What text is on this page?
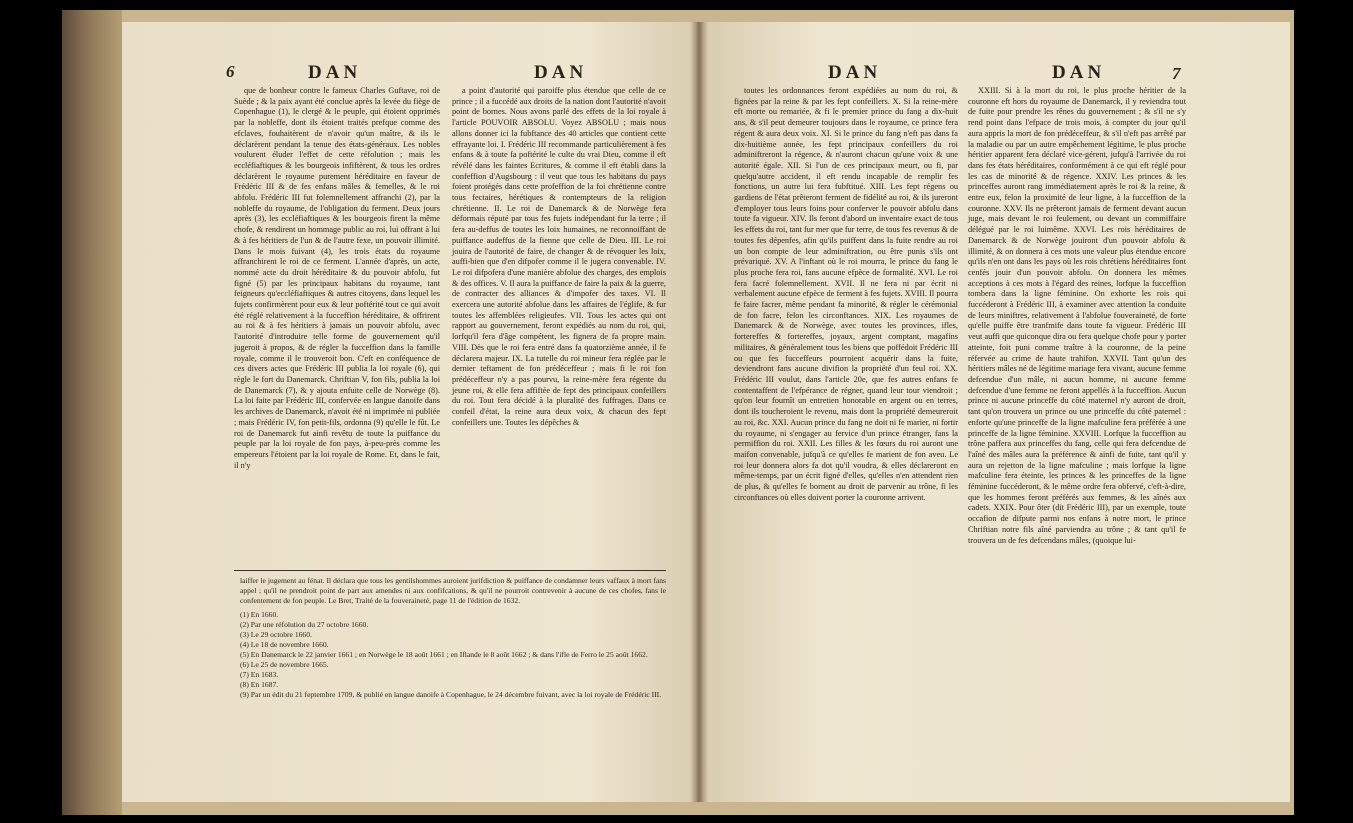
6	DAN	DAN

que de bonheur contre le fameux Charles Guftave, roi de Suède ; & la paix ayant été conclue après la levée du fiège de Copenhague (1), le clergé & le peuple, qui étoient opprimés par la nobleffe, dont ils étoient traités prefque comme des efclaves, fouhaitèrent de n'avoir qu'un maître, & ils le déclarèrent pendant la tenue des états-généraux. Les nobles voulurent éluder l'effet de cette réfolution ; mais les eccléfiaftiques & les bourgeois infiftèrent, & tous les ordres déclarèrent le royaume purement héréditaire en faveur de Frédéric III & de fes enfans mâles & femelles, & le roi abfolu. Frédéric III fut folemnellement affranchi (2), par la nobleffe du royaume, de l'obligation du ferment. Deux jours après (3), les eccléfiaftiques & les bourgeois firent la même chofe, & rendirent un hommage public au roi, lui offrant à lui & à fes héritiers de l'un & de l'autre fexe, un pouvoir illimité. Dans le mois fuivant (4), les trois états du royaume affranchirent le roi de ce ferment. L'année d'après, un acte, nommé acte du droit héréditaire & du pouvoir abfolu, fut figné (5) par les principaux habitans du royaume, tant feigneurs qu'eccléfiaftiques & autres citoyens, dans lequel les fujets confirmèrent pour eux & leur poftérité tout ce qui avoit été réglé relativement à la fucceffion héréditaire, & offrirent au roi & à fes héritiers à jamais un pouvoir abfolu, avec l'autorité d'introduire telle forme de gouvernement qu'il jugeroit à propos, & de régler la fucceffion dans la famille royale, comme il le trouveroit bon. C'eft en conféquence de ces divers actes que Frédéric III publia la loi royale (6), qui règle le fort du Danemarck. Chriftian V, fon fils, publia la loi de Danemarck (7), & y ajouta enfuite celle de Norwège (8). La loi faite par Frédéric III, confervée en langue danoife dans les archives de Danemarck, n'avoit été ni imprimée ni publiée ; mais Frédéric IV, fon petit-fils, ordonna (9) qu'elle le fût. Le roi de Danemarck fut ainfi revêtu de toute la puiffance du peuple par la loi royale de fon pays, à-peu-près comme les empereurs l'étoient par la loi royale de Rome. Et, dans le fait, il n'y

a point d'autorité qui paroiffe plus étendue que celle de ce prince ; il a fuccédé aux droits de la nation dont l'autorité n'avoit point de bornes. Nous avons parlé des effets de la loi royale à l'article POUVOIR ABSOLU. Voyez ABSOLU ; mais nous allons donner ici la fubftance des 40 articles que contient cette effrayante loi. I. Frédéric III recommande particulièrement à fes enfans & à toute fa poftérité le culte du vrai Dieu, comme il eft révélé dans les faintes Ecritures, & comme il eft établi dans la confeffion d'Augsbourg : il veut que tous les habitans du pays foient protégés dans cette profeffion de la foi chrétienne contre tous fectaires, hérétiques & contempteurs de la religion chrétienne. II. Le roi de Danemarck & de Norwège fera déformais réputé par tous fes fujets indépendant fur la terre ; il fera au-deffus de toutes les loix humaines, ne reconnoiffant de puiffance audeffus de la fienne que celle de Dieu. III. Le roi jouira de l'autorité de faire, de changer & de révoquer les loix, auffi-bien que d'en difpofer comme il le jugera convenable. IV. Le roi difpofera d'une manière abfolue des charges, des emplois & des offices. V. Il aura la puiffance de faire la paix & la guerre, de contracter des alliances & d'impofer des taxes. VI. Il exercera une autorité abfolue dans les affaires de l'églife, & fur toutes les affemblées religieufes. VII. Tous les actes qui ont rapport au gouvernement, feront expédiés au nom du roi, qui, lorfqu'il fera d'âge compétent, les fignera de fa propre main. VIII. Dès que le roi fera entré dans fa quatorzième année, il fe déclarera majeur. IX. La tutelle du roi mineur fera réglée par le dernier teftament de fon prédéceffeur ; mais fi le roi fon prédéceffeur n'y a pas pourvu, la reine-mère fera régente du jeune roi, & elle fera affiftée de fept des principaux confeillers du roi. Tout fera décidé à la pluralité des fuffrages. Dans ce confeil d'état, la reine aura deux voix, & chacun des fept confeillers une. Toutes les dépêches &

laiffer le jugement au fénat. Il déclara que tous les gentilshommes auroient jurifdiction & puiffance de condamner leurs vaffaux à mort fans appel ; qu'il ne prendroit point de part aux amendes ni aux confifcations, & qu'il ne pourroit contrevenir à aucune de ces chofes, fans le confentement de fon peuple. Le Bret, Traité de la fouveraineté, page 11 de l'édition de 1632.

(1) En 1660.

(2) Par une réfolution du 27 octobre 1660.

(3) Le 29 octobre 1660.

(4) Le 18 de novembre 1660.

(5) En Danemarck le 22 janvier 1661 ; en Norwège le 18 août 1661 ; en Iflande le 8 août 1662 ; & dans l'ifle de Ferro le 25 août 1662.

(6) Le 25 de novembre 1665.

(7) En 1683.

(8) En 1687.

(9) Par un édit du 21 feptembre 1709, & publié en langue danoife à Copenhague, le 24 décembre fuivant, avec la loi royale de Frédéric III.

DAN	DAN	7

toutes les ordonnances feront expédiées au nom du roi, & fignées par la reine & par les fept confeillers. X. Si la reine-mère eft morte ou remariée, & fi le premier prince du fang a dix-huit ans, & s'il peut demeurer toujours dans le royaume, ce prince fera régent & aura deux voix. XI. Si le prince du fang n'eft pas dans fa dix-huitième année, les fept principaux confeillers du roi adminiftreront la régence, & n'auront chacun qu'une voix & une autorité égale. XII. Si l'un de ces principaux meurt, ou fi, par quelqu'autre accident, il eft rendu incapable de remplir fes fonctions, un autre lui fera fubftitué. XIII. Les fept régens ou gardiens de l'état prêteront ferment de fidélité au roi, & ils jureront d'employer tous leurs foins pour conferver le pouvoir abfolu dans toute fa vigueur. XIV. Ils feront d'abord un inventaire exact de tous les effets du roi, tant fur mer que fur terre, de tous fes revenus & de toutes fes dépenfes, afin qu'ils puiffent dans la fuite rendre au roi un bon compte de leur adminiftration, ou être punis s'ils ont prévariqué. XV. A l'inftant où le roi mourra, le prince du fang le plus proche fera roi, fans aucune efpèce de formalité. XVI. Le roi fera facré folemnellement. XVII. Il ne fera ni par écrit ni verbalement aucune efpèce de ferment à fes fujets. XVIII. Il pourra fe faire facrer, même pendant fa minorité, & régler le cérémonial de fon facre, felon les circonftances. XIX. Les royaumes de Danemarck & de Norwège, avec toutes les provinces, ifles, fortereffes & fortereffes, joyaux, argent comptant, magafins militaires, & généralement tous les biens que poffédoit Frédéric III ou que fes fucceffeurs pourroient acquérir dans la fuite, deviendront fans aucune divifion la propriété d'un feul roi. XX. Frédéric III voulut, dans l'article 20e, que fes autres enfans fe contentaffent de l'efpérance de régner, quand leur tour viendroit ; qu'on leur fournît un entretien honorable en argent ou en terres, dont ils toucheroient le revenu, mais dont la propriété demeureroit au roi, &c. XXI. Aucun prince du fang ne doit ni fe marier, ni fortir du royaume, ni s'engager au fervice d'un prince étranger, fans la permiffion du roi. XXII. Les filles & les fœurs du roi auront une maifon convenable, jufqu'à ce qu'elles fe marient de fon aveu. Le roi leur donnera alors fa dot qu'il voudra, & elles déclareront en même-temps, par un écrit figné d'elles, qu'elles n'en attendent rien de plus, & qu'elles fe bornent au droit de parvenir au trône, fi les circonftances où elles doivent porter la couronne arrivent.

XXIII. Si à la mort du roi, le plus proche héritier de la couronne eft hors du royaume de Danemarck, il y reviendra tout de fuite pour prendre les rênes du gouvernement ; & s'il ne s'y rend point dans l'efpace de trois mois, à compter du jour qu'il aura appris la mort de fon prédéceffeur, & s'il n'eft pas arrêté par la maladie ou par un autre empêchement légitime, le plus proche héritier apparent fera déclaré vice-gérent, jufqu'à l'arrivée du roi dans fes états héréditaires, conformément à ce qui eft réglé pour les cas de minorité & de régence. XXIV. Les princes & les princeffes auront rang immédiatement après le roi & la reine, & entre eux, felon la proximité de leur ligne, à la fucceffion de la couronne. XXV. Ils ne prêteront jamais de ferment devant aucun juge, mais devant le roi feulement, ou devant un commiffaire délégué par le roi luimême. XXVI. Les rois héréditaires de Danemarck & de Norwège jouiront d'un pouvoir abfolu & illimité, & on donnera à ces mots une valeur plus étendue encore qu'ils n'en ont dans les pays où les rois chrétiens héréditaires font cenfés jouir d'un pouvoir abfolu. On donnera les mêmes acceptions à ces mots à l'égard des reines, lorfque la fucceffion tombera dans la ligne féminine. On exhorte les rois qui fuccéderont à Frédéric III, à examiner avec attention la conduite de leurs miniftres, relativement à l'abfolue fouveraineté, de forte qu'elle puiffe être tranfmife dans toute fa vigueur. Frédéric III veut auffi que quiconque dira ou fera quelque chofe pour y porter atteinte, foit puni comme traître à la couronne, de la peine réfervée au crime de haute trahifon. XXVII. Tant qu'un des héritiers mâles né de légitime mariage fera vivant, aucune femme defcendue d'un mâle, ni aucun homme, ni aucune femme defcendue d'une femme ne feront appellés à la fucceffion. Aucun prince ni aucune princeffe du côté maternel n'y auront de droit, tant qu'on trouvera un prince ou une princeffe du côté paternel : enforte qu'une princeffe de la ligne mafculine fera préférée à une princeffe de la ligne féminine. XXVIII. Lorfque la fucceffion au trône paffera aux princeffes du fang, celle qui fera defcendue de l'aîné des mâles aura la préférence & ainfi de fuite, tant qu'il y aura un rejetton de la ligne mafculine ; mais lorfque la ligne mafculine fera éteinte, les princes & les princeffes de la ligne féminine fuccéderont, & le même ordre fera obfervé, c'eft-à-dire, que les hommes feront préférés aux femmes, & les aînés aux cadets. XXIX. Pour ôter (dit Frédéric III), par un exemple, toute occafion de difpute parmi nos enfans à notre mort, le prince Chriftian notre fils aîné parviendra au trône ; & tant qu'il fe trouvera un de fes defcendans mâles, (quoique lui-
